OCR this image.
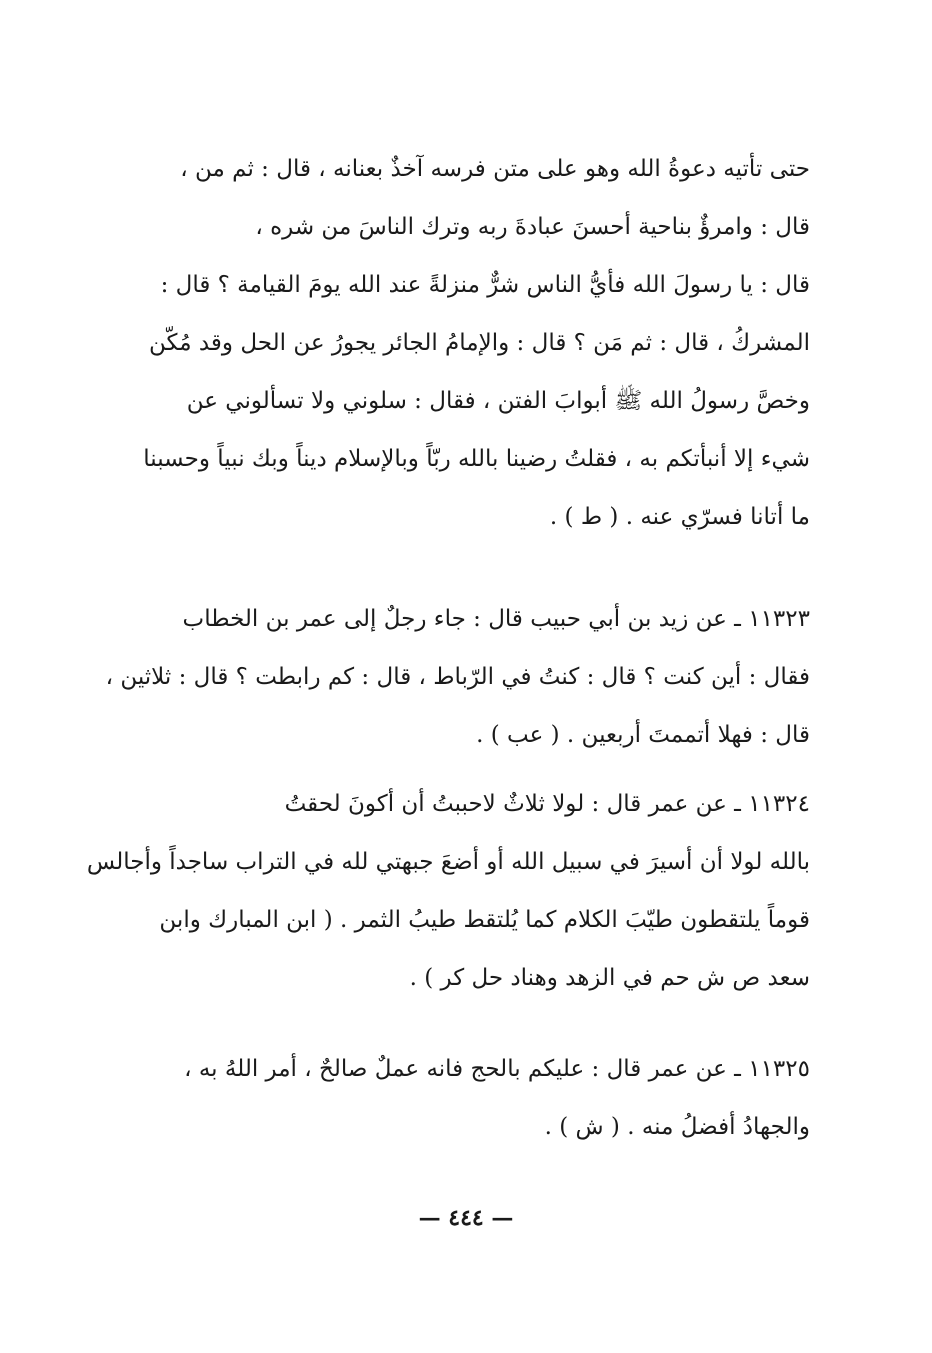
حتى تأتيه دعوةُ الله وهو على متن فرسه آخذٌ بعنانه ، قال : ثم من ،
قال : وامرؤٌ بناحية أحسنَ عبادةَ ربه وترك الناسَ من شره ،
قال : يا رسولَ الله فأيُّ الناس شرٌّ منزلةً عند الله يومَ القيامة ؟ قال :
المشركُ ، قال : ثم مَن ؟ قال : والإمامُ الجائر يجورُ عن الحل وقد مُكّن
وخصَّ رسولُ الله ﷺ أبوابَ الفتن ، فقال : سلوني ولا تسألوني عن
شيء إلا أنبأتكم به ، فقلتُ رضينا بالله ربّاً وبالإسلام ديناً وبك نبياً وحسبنا
ما أتانا فسرّي عنه . ( ط ) .
١١٣٢٣ ـ عن زيد بن أبي حبيب قال : جاء رجلٌ إلى عمر بن الخطاب
فقال : أين كنت ؟ قال : كنتُ في الرّباط ، قال : كم رابطت ؟ قال : ثلاثين ،
قال : فهلا أتممتَ أربعين . ( عب ) .
١١٣٢٤ ـ عن عمر قال : لولا ثلاثٌ لاحببتُ أن أكونَ لحقتُ
بالله لولا أن أسيرَ في سبيل الله أو أضعَ جبهتي لله في التراب ساجداً وأجالس
قوماً يلتقطون طيّبَ الكلام كما يُلتقط طيبُ الثمر . ( ابن المبارك وابن
سعد ص ش حم في الزهد وهناد حل كر ) .
١١٣٢٥ ـ عن عمر قال : عليكم بالحج فانه عملٌ صالحٌ ، أمر اللهُ به ،
والجهادُ أفضلُ منه . ( ش ) .
— ٤٤٤ —
